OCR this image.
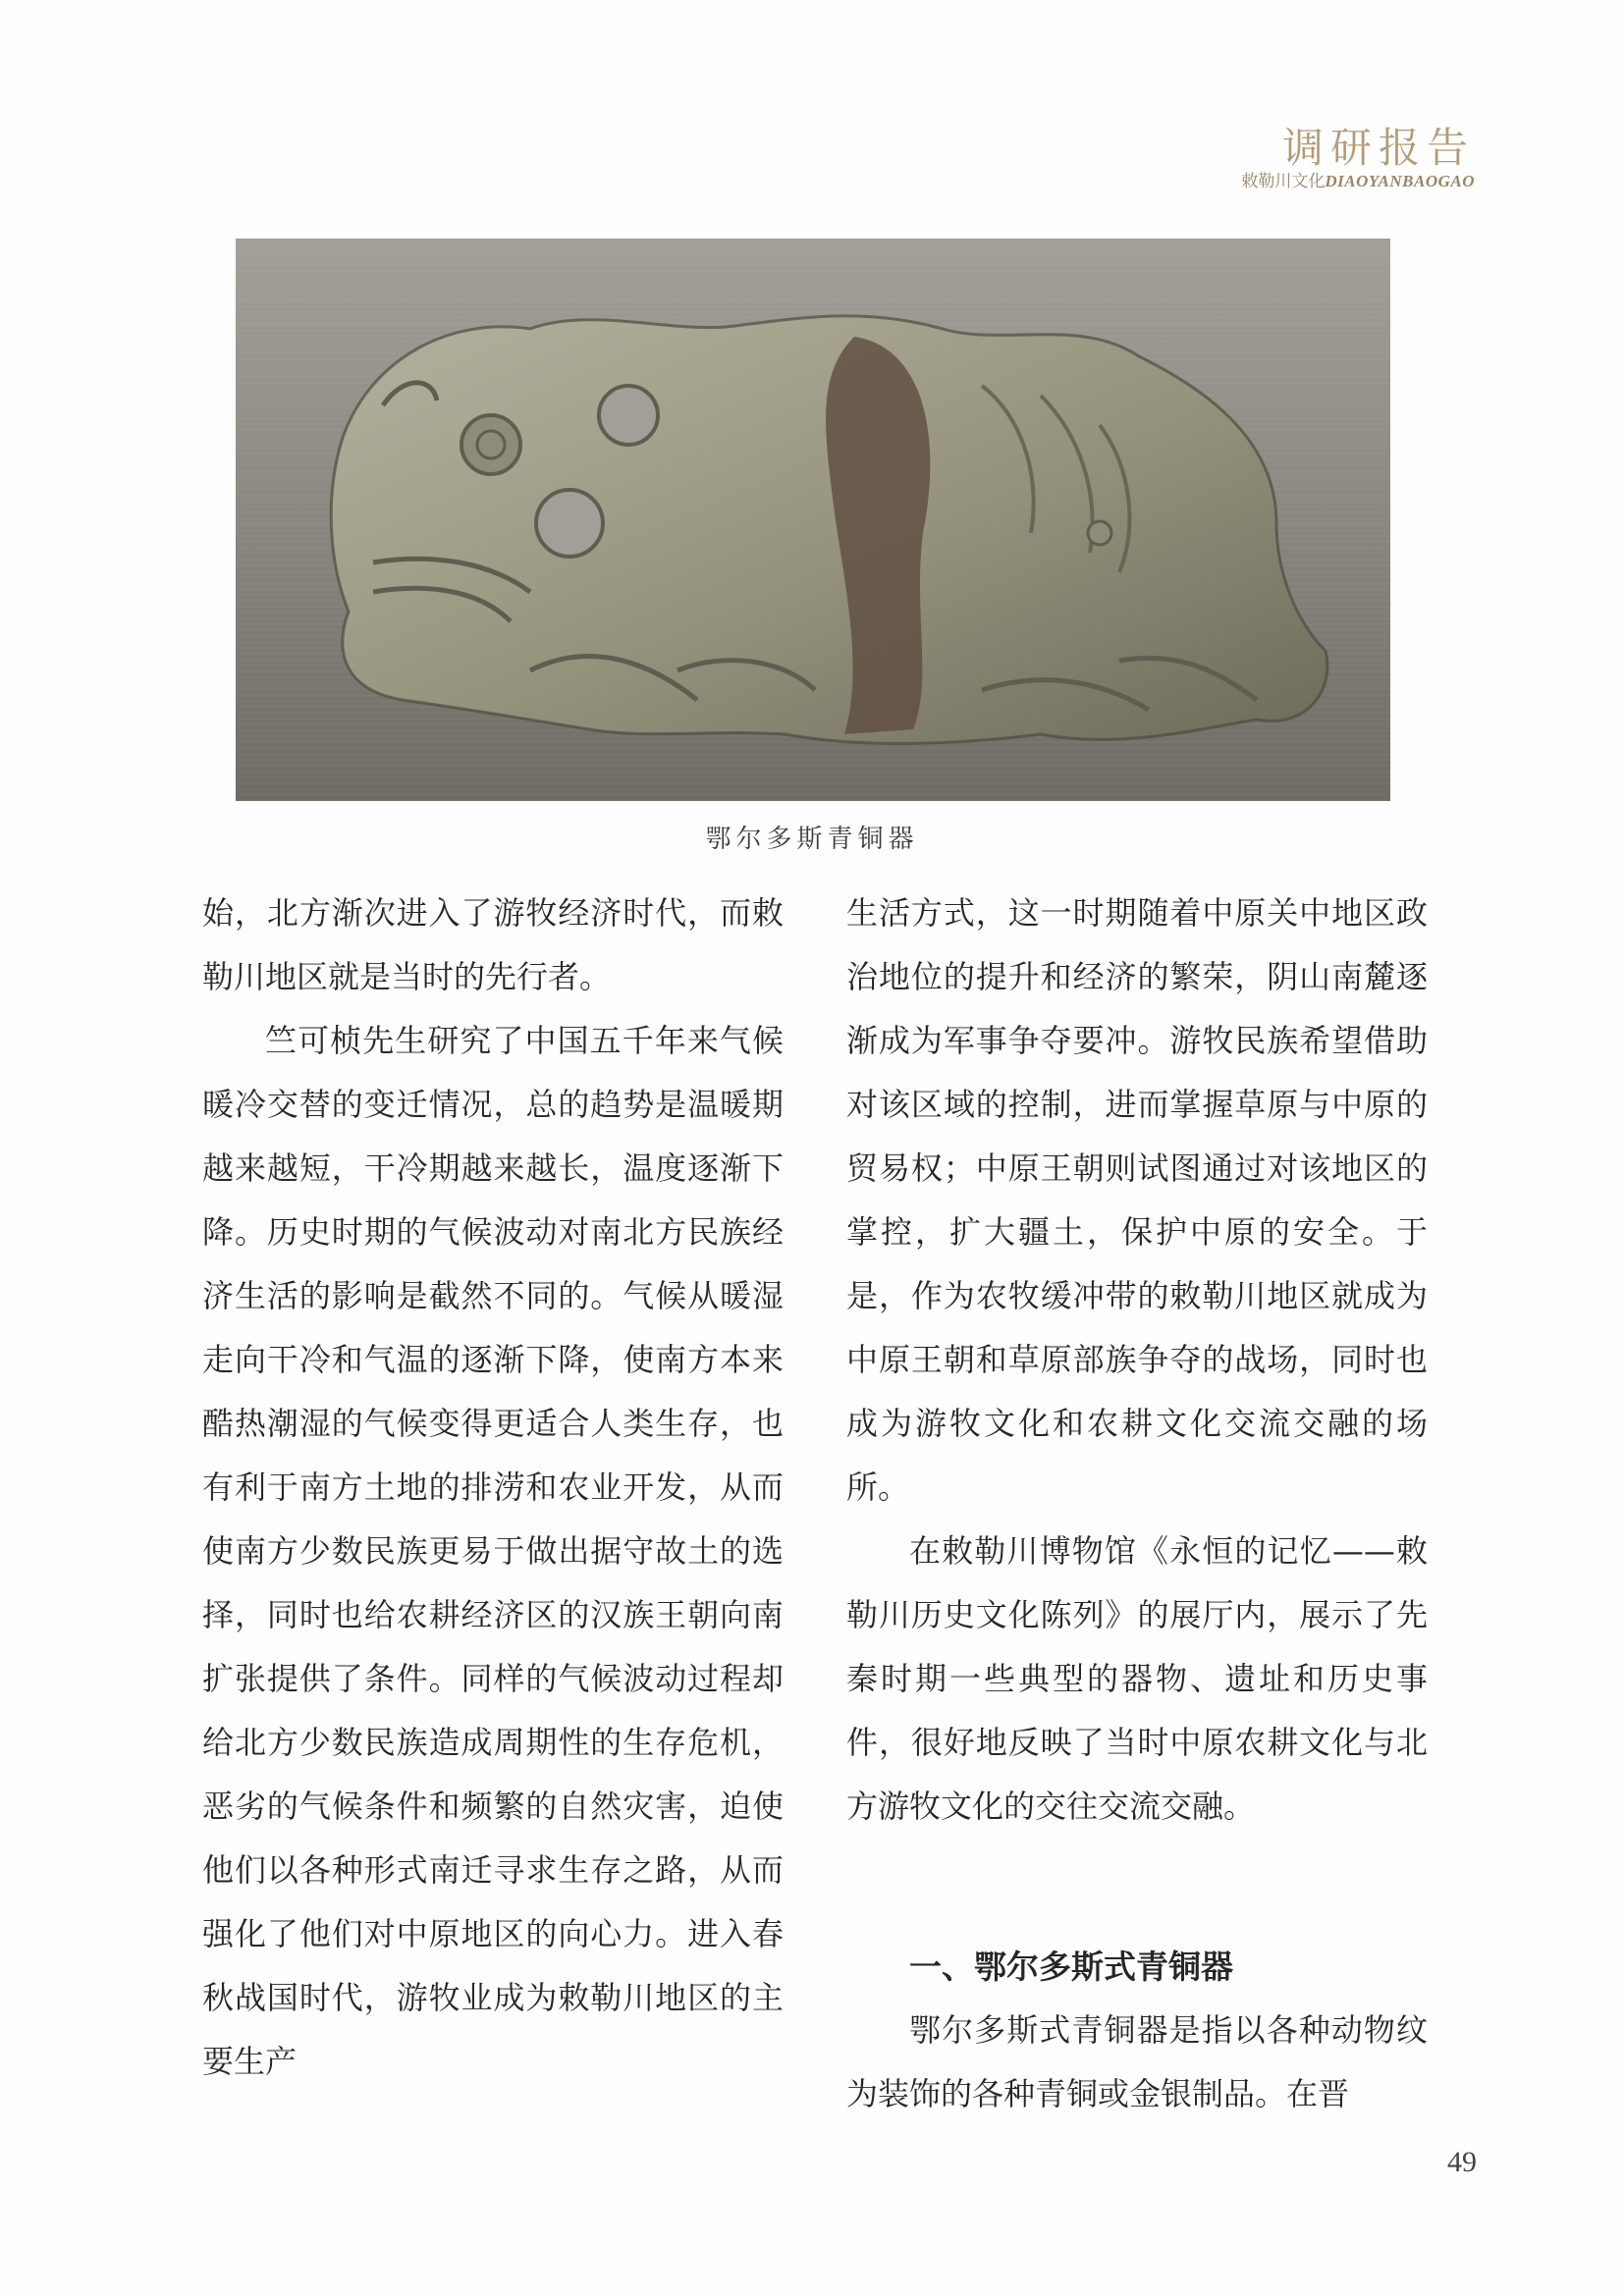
调研报告
敕勒川文化DIAOYANBAOGAO
鄂尔多斯青铜器

始，北方渐次进入了游牧经济时代，而敕勒川地区就是当时的先行者。

竺可桢先生研究了中国五千年来气候暖冷交替的变迁情况，总的趋势是温暖期越来越短，干冷期越来越长，温度逐渐下降。历史时期的气候波动对南北方民族经济生活的影响是截然不同的。气候从暖湿走向干冷和气温的逐渐下降，使南方本来酷热潮湿的气候变得更适合人类生存，也有利于南方土地的排涝和农业开发，从而使南方少数民族更易于做出据守故土的选择，同时也给农耕经济区的汉族王朝向南扩张提供了条件。同样的气候波动过程却给北方少数民族造成周期性的生存危机，恶劣的气候条件和频繁的自然灾害，迫使他们以各种形式南迁寻求生存之路，从而强化了他们对中原地区的向心力。进入春秋战国时代，游牧业成为敕勒川地区的主要生产

生活方式，这一时期随着中原关中地区政治地位的提升和经济的繁荣，阴山南麓逐渐成为军事争夺要冲。游牧民族希望借助对该区域的控制，进而掌握草原与中原的贸易权；中原王朝则试图通过对该地区的掌控，扩大疆土，保护中原的安全。于是，作为农牧缓冲带的敕勒川地区就成为中原王朝和草原部族争夺的战场，同时也成为游牧文化和农耕文化交流交融的场所。

在敕勒川博物馆《永恒的记忆——敕勒川历史文化陈列》的展厅内，展示了先秦时期一些典型的器物、遗址和历史事件，很好地反映了当时中原农耕文化与北方游牧文化的交往交流交融。

一、鄂尔多斯式青铜器

鄂尔多斯式青铜器是指以各种动物纹为装饰的各种青铜或金银制品。在晋

49
